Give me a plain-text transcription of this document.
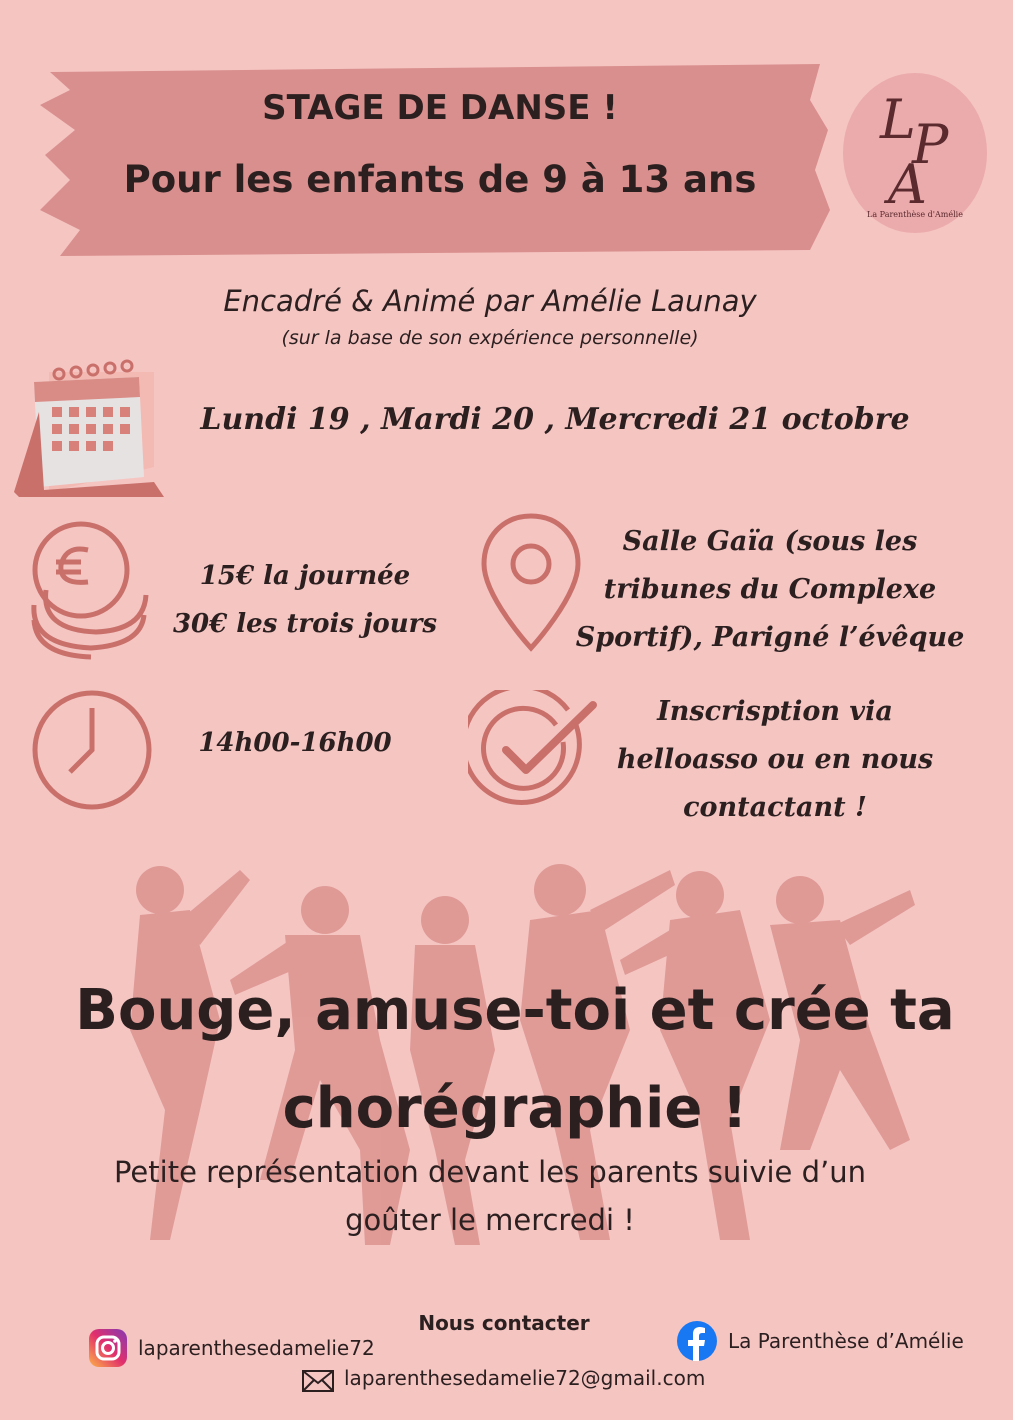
STAGE DE DANSE !
Pour les enfants de 9 à 13 ans
L
P
A
La Parenthèse d'Amélie
Encadré & Animé par Amélie Launay
(sur la base de son expérience personnelle)
Lundi 19 , Mardi 20 , Mercredi 21 octobre
15€ la journée
30€ les trois jours
Salle Gaïa (sous les
tribunes du Complexe
Sportif), Parigné l’évêque
14h00-16h00
Inscrisption via
helloasso ou en nous
contactant !
Bouge, amuse-toi et crée ta
chorégraphie !
Petite représentation devant les parents suivie d’un
goûter le mercredi !
Nous contacter
laparenthesedamelie72	La Parenthèse d’Amélie
laparenthesedamelie72@gmail.com
